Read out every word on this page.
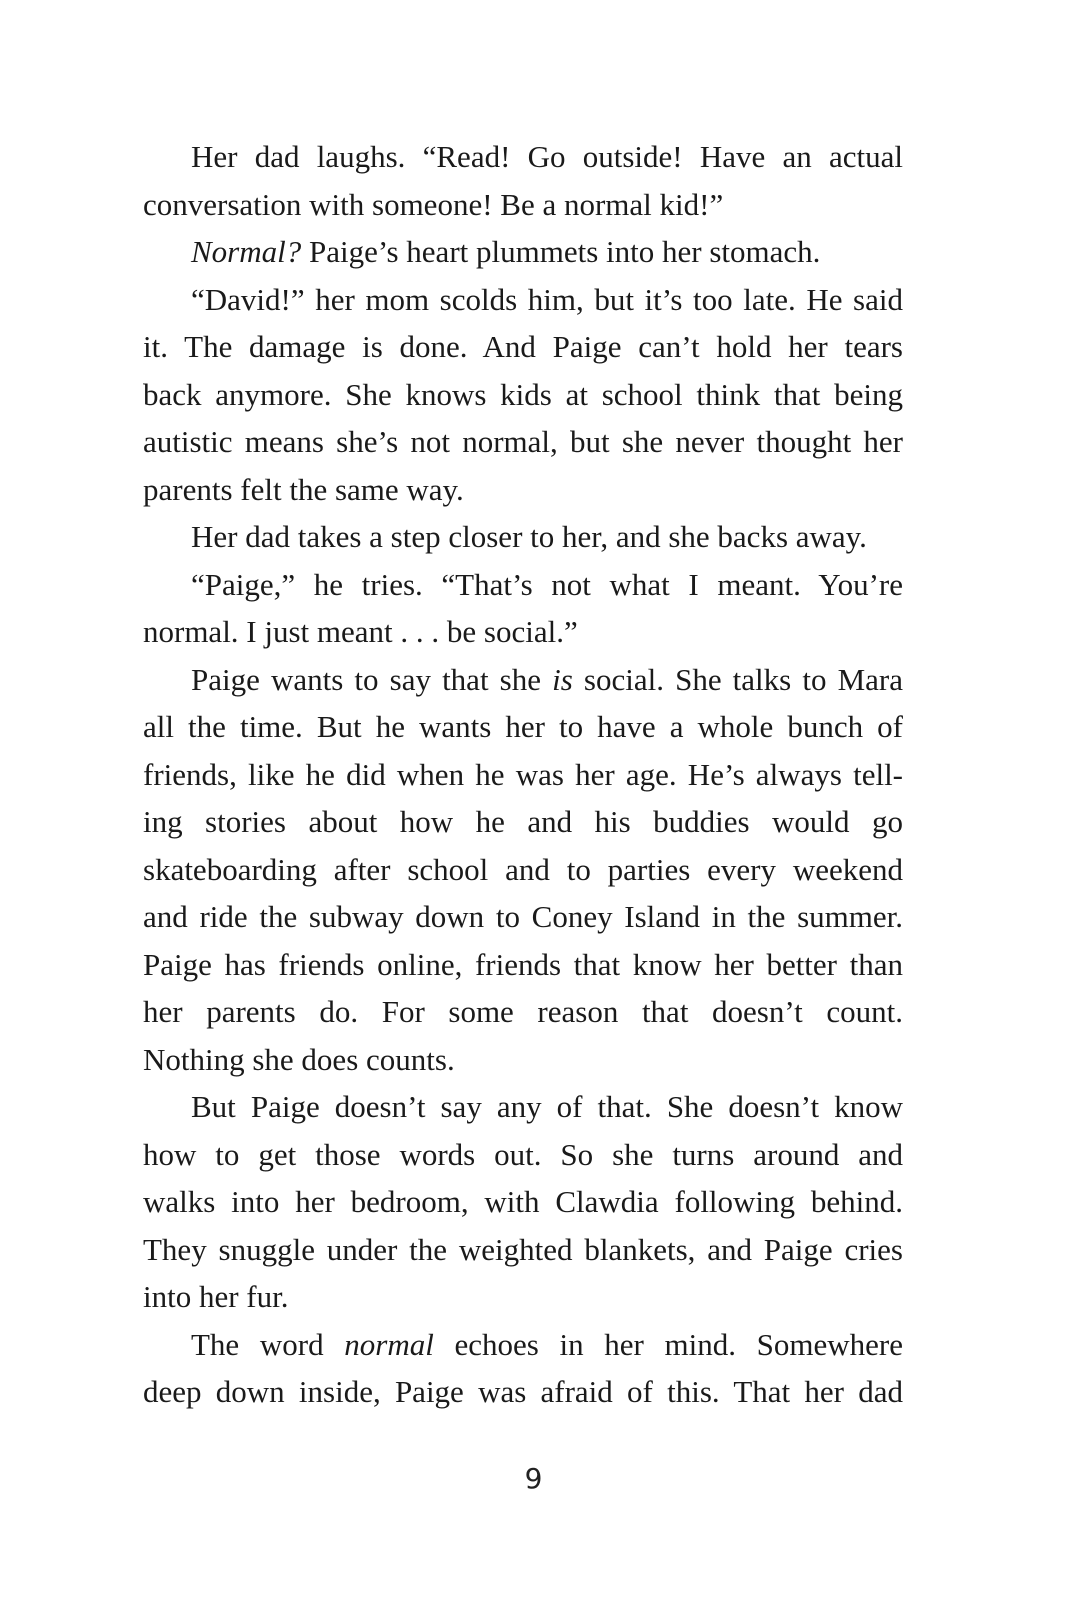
Her dad laughs. “Read! Go outside! Have an actual
conversation with someone! Be a normal kid!”
Normal? Paige’s heart plummets into her stomach.
“David!” her mom scolds him, but it’s too late. He said
it. The damage is done. And Paige can’t hold her tears
back anymore. She knows kids at school think that being
autistic means she’s not normal, but she never thought her
parents felt the same way.
Her dad takes a step closer to her, and she backs away.
“Paige,” he tries. “That’s not what I meant. You’re
normal. I just meant . . . be social.”
Paige wants to say that she is social. She talks to Mara
all the time. But he wants her to have a whole bunch of
friends, like he did when he was her age. He’s always tell-
ing stories about how he and his buddies would go
skateboarding after school and to parties every weekend
and ride the subway down to Coney Island in the summer.
Paige has friends online, friends that know her better than
her parents do. For some reason that doesn’t count.
Nothing she does counts.
But Paige doesn’t say any of that. She doesn’t know
how to get those words out. So she turns around and
walks into her bedroom, with Clawdia following behind.
They snuggle under the weighted blankets, and Paige cries
into her fur.
The word normal echoes in her mind. Somewhere
deep down inside, Paige was afraid of this. That her dad
9
